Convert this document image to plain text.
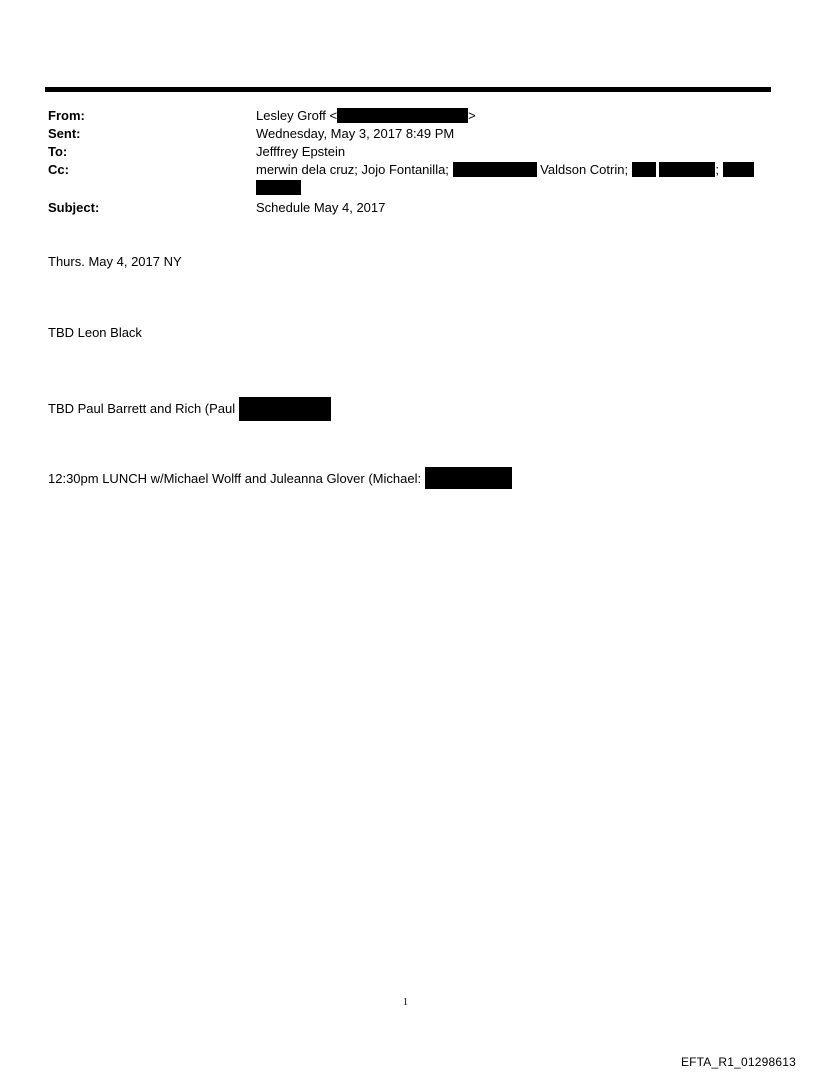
From:	Lesley Groff <	>
Sent:	Wednesday, May 3, 2017 8:49 PM
To:	Jefffrey Epstein
Cc:	merwin dela cruz; Jojo Fontanilla;	Valdson Cotrin;	;
Subject:	Schedule May 4, 2017
Thurs. May 4, 2017 NY
TBD Leon Black
TBD Paul Barrett and Rich (Paul
12:30pm LUNCH w/Michael Wolff and Juleanna Glover (Michael:
1
EFTA_R1_01298613
